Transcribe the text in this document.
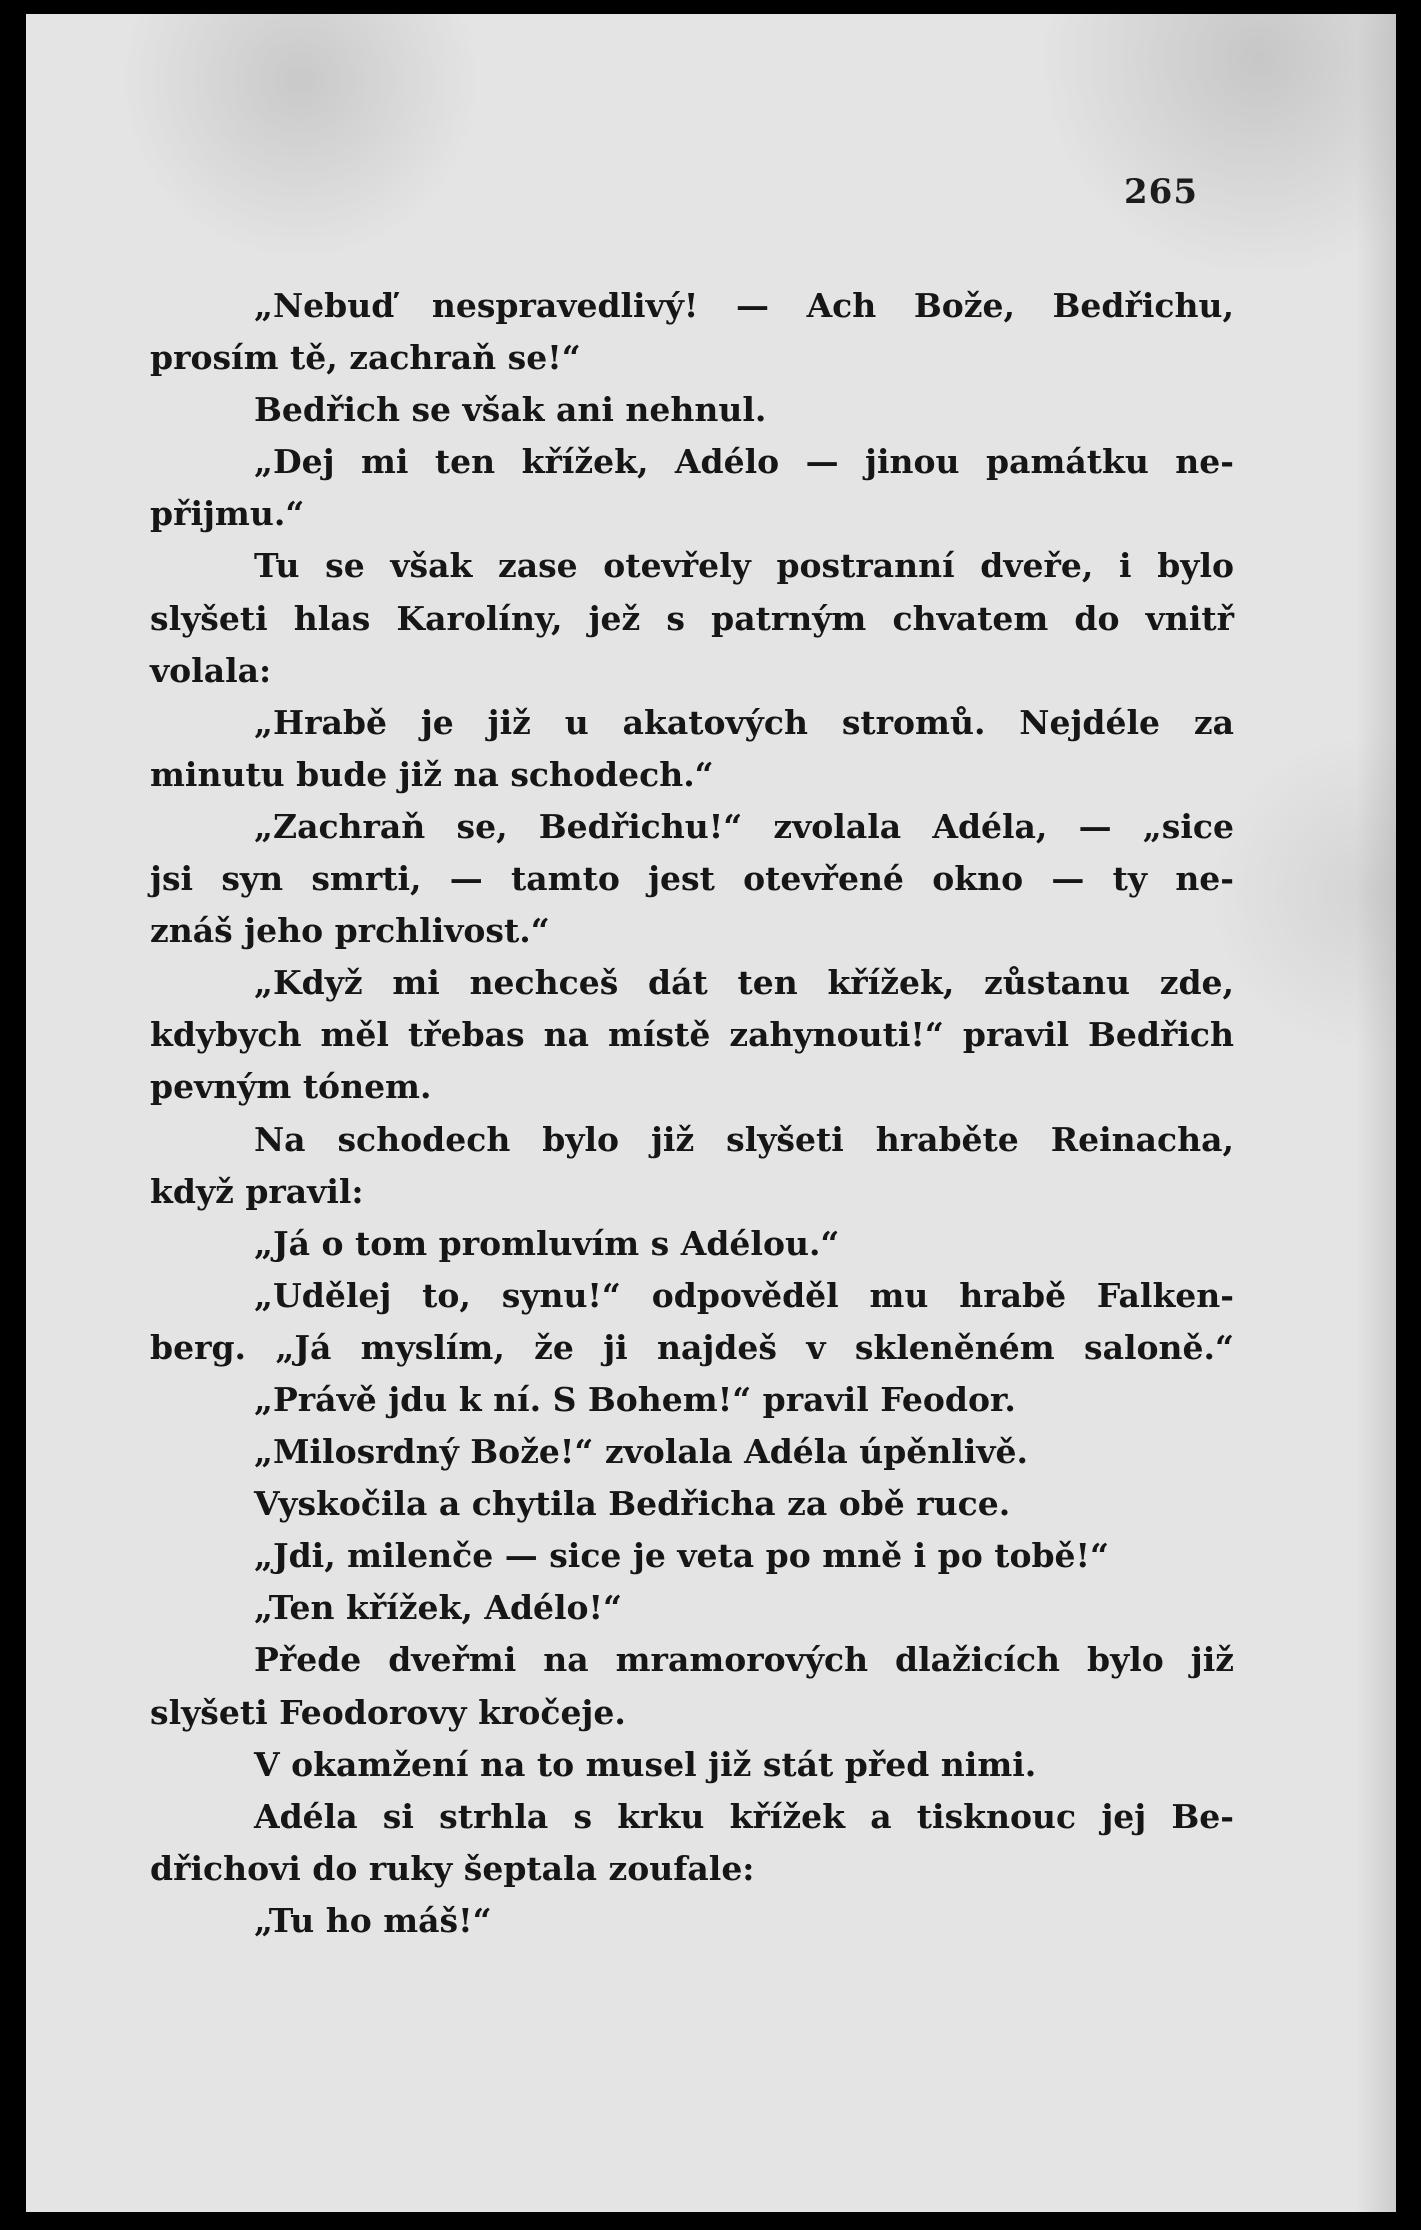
265
„Nebuď nespravedlivý! — Ach Bože, Bedřichu,
prosím tě, zachraň se!“
Bedřich se však ani nehnul.
„Dej mi ten křížek, Adélo — jinou památku ne-
přijmu.“
Tu se však zase otevřely postranní dveře, i bylo
slyšeti hlas Karolíny, jež s patrným chvatem do vnitř
volala:
„Hrabě je již u akatových stromů. Nejdéle za
minutu bude již na schodech.“
„Zachraň se, Bedřichu!“ zvolala Adéla, — „sice
jsi syn smrti, — tamto jest otevřené okno — ty ne-
znáš jeho prchlivost.“
„Když mi nechceš dát ten křížek, zůstanu zde,
kdybych měl třebas na místě zahynouti!“ pravil Bedřich
pevným tónem.
Na schodech bylo již slyšeti hraběte Reinacha,
když pravil:
„Já o tom promluvím s Adélou.“
„Udělej to, synu!“ odpověděl mu hrabě Falken-
berg. „Já myslím, že ji najdeš v skleněném saloně.“
„Právě jdu k ní. S Bohem!“ pravil Feodor.
„Milosrdný Bože!“ zvolala Adéla úpěnlivě.
Vyskočila a chytila Bedřicha za obě ruce.
„Jdi, milenče — sice je veta po mně i po tobě!“
„Ten křížek, Adélo!“
Přede dveřmi na mramorových dlažicích bylo již
slyšeti Feodorovy kročeje.
V okamžení na to musel již stát před nimi.
Adéla si strhla s krku křížek a tisknouc jej Be-
dřichovi do ruky šeptala zoufale:
„Tu ho máš!“
